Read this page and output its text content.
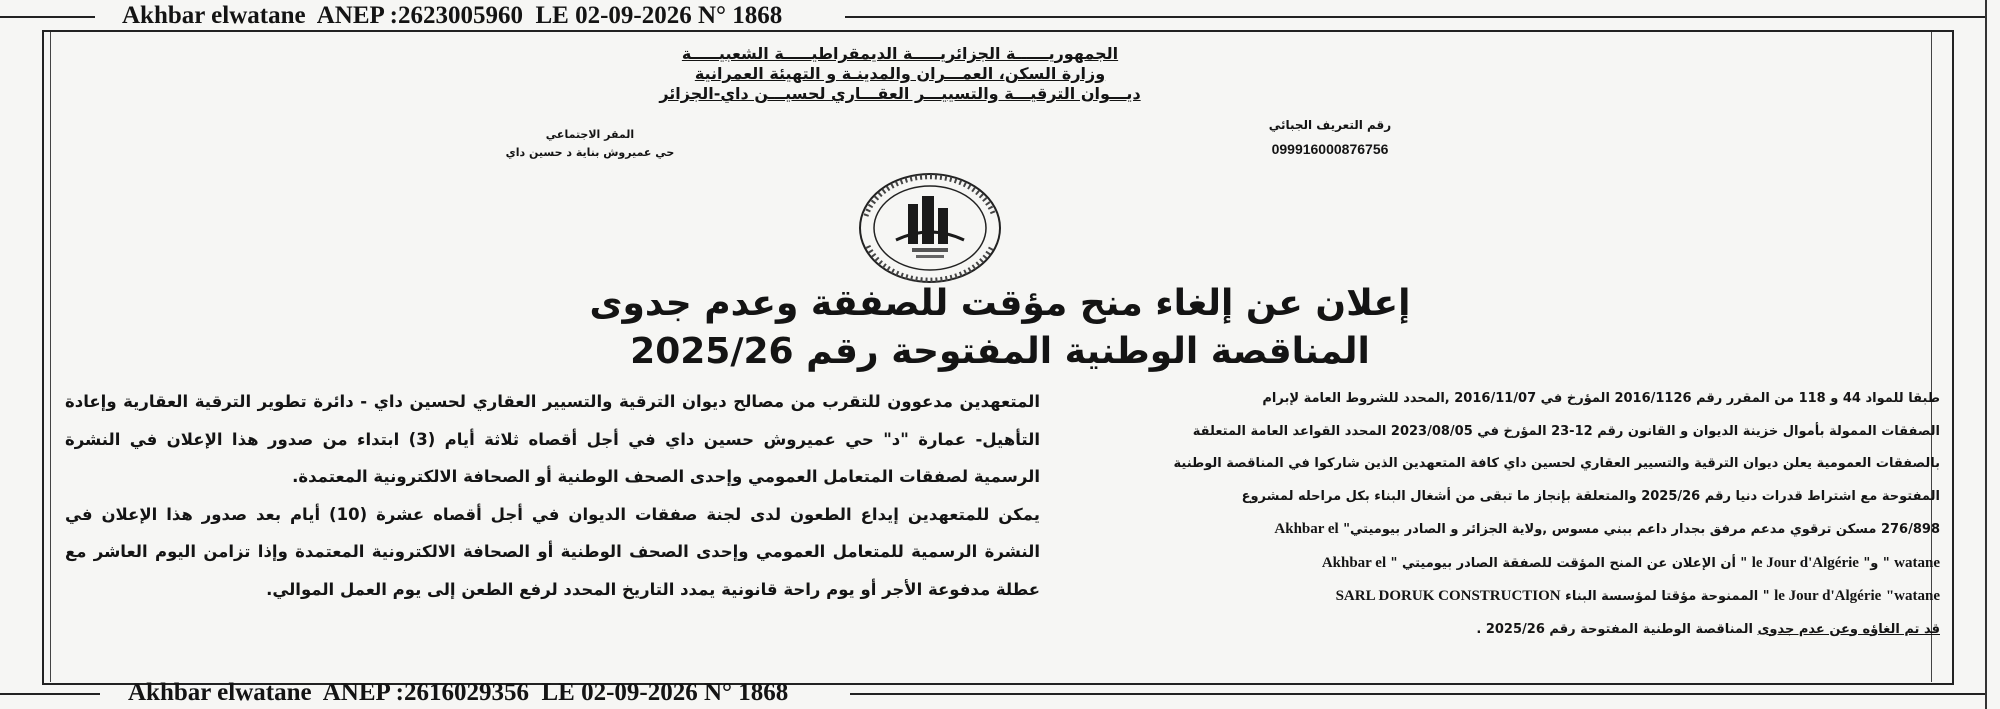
Akhbar elwatane ANEP :2623005960 LE 02-09-2026 N° 1868
الجمهوريــــــة الجزائريـــــة الديمقراطيـــــة الشعبيـــــة
وزارة السكن، العمـــران والمدينـة و التهيئة العمرانية
ديـــوان الترقيـــة والتسييـــر العقـــاري لحسيـــن داي-الجزائر
المقر الاجتماعي
حي عميروش بناية د حسين داي
رقم التعريف الجبائي
099916000876756
إعلان عن إلغاء منح مؤقت للصفقة وعدم جدوى
المناقصة الوطنية المفتوحة رقم 2025/26

طبقا للمواد 44 و 118 من المقرر رقم 2016/1126 المؤرخ في 2016/11/07 ,المحدد للشروط العامة لإبرام

الصفقات الممولة بأموال خزينة الديوان و القانون رقم 12-23 المؤرخ في 2023/08/05 المحدد القواعد العامة المتعلقة

بالصفقات العمومية يعلن ديوان الترقية والتسيير العقاري لحسين داي كافة المتعهدين الذين شاركوا في المناقصة الوطنية

المفتوحة مع اشتراط قدرات دنيا رقم 2025/26 والمتعلقة بإنجاز ما تبقى من أشغال البناء بكل مراحله لمشروع

276/898 مسكن ترقوي مدعم مرفق بجدار داعم ببني مسوس ,ولاية الجزائر و الصادر بيوميتي" Akhbar el

watane " و" le Jour d'Algérie " أن الإعلان عن المنح المؤقت للصفقة الصادر بيوميتي " Akhbar el

"watane le Jour d'Algérie " الممنوحة مؤقتا لمؤسسة البناء SARL DORUK CONSTRUCTION

قد تم الغاؤه وعن عدم جدوى المناقصة الوطنية المفتوحة رقم 2025/26 .

المتعهدين مدعوون للتقرب من مصالح ديوان الترقية والتسيير العقاري لحسين داي - دائرة تطوير الترقية العقارية وإعادة التأهيل- عمارة "د" حي عميروش حسين داي في أجل أقصاه ثلاثة أيام (3) ابتداء من صدور هذا الإعلان في النشرة الرسمية لصفقات المتعامل العمومي وإحدى الصحف الوطنية أو الصحافة الالكترونية المعتمدة.

يمكن للمتعهدين إيداع الطعون لدى لجنة صفقات الديوان في أجل أقصاه عشرة (10) أيام بعد صدور هذا الإعلان في النشرة الرسمية للمتعامل العمومي وإحدى الصحف الوطنية أو الصحافة الالكترونية المعتمدة وإذا تزامن اليوم العاشر مع عطلة مدفوعة الأجر أو يوم راحة قانونية يمدد التاريخ المحدد لرفع الطعن إلى يوم العمل الموالي.

Akhbar elwatane ANEP :2616029356 LE 02-09-2026 N° 1868
